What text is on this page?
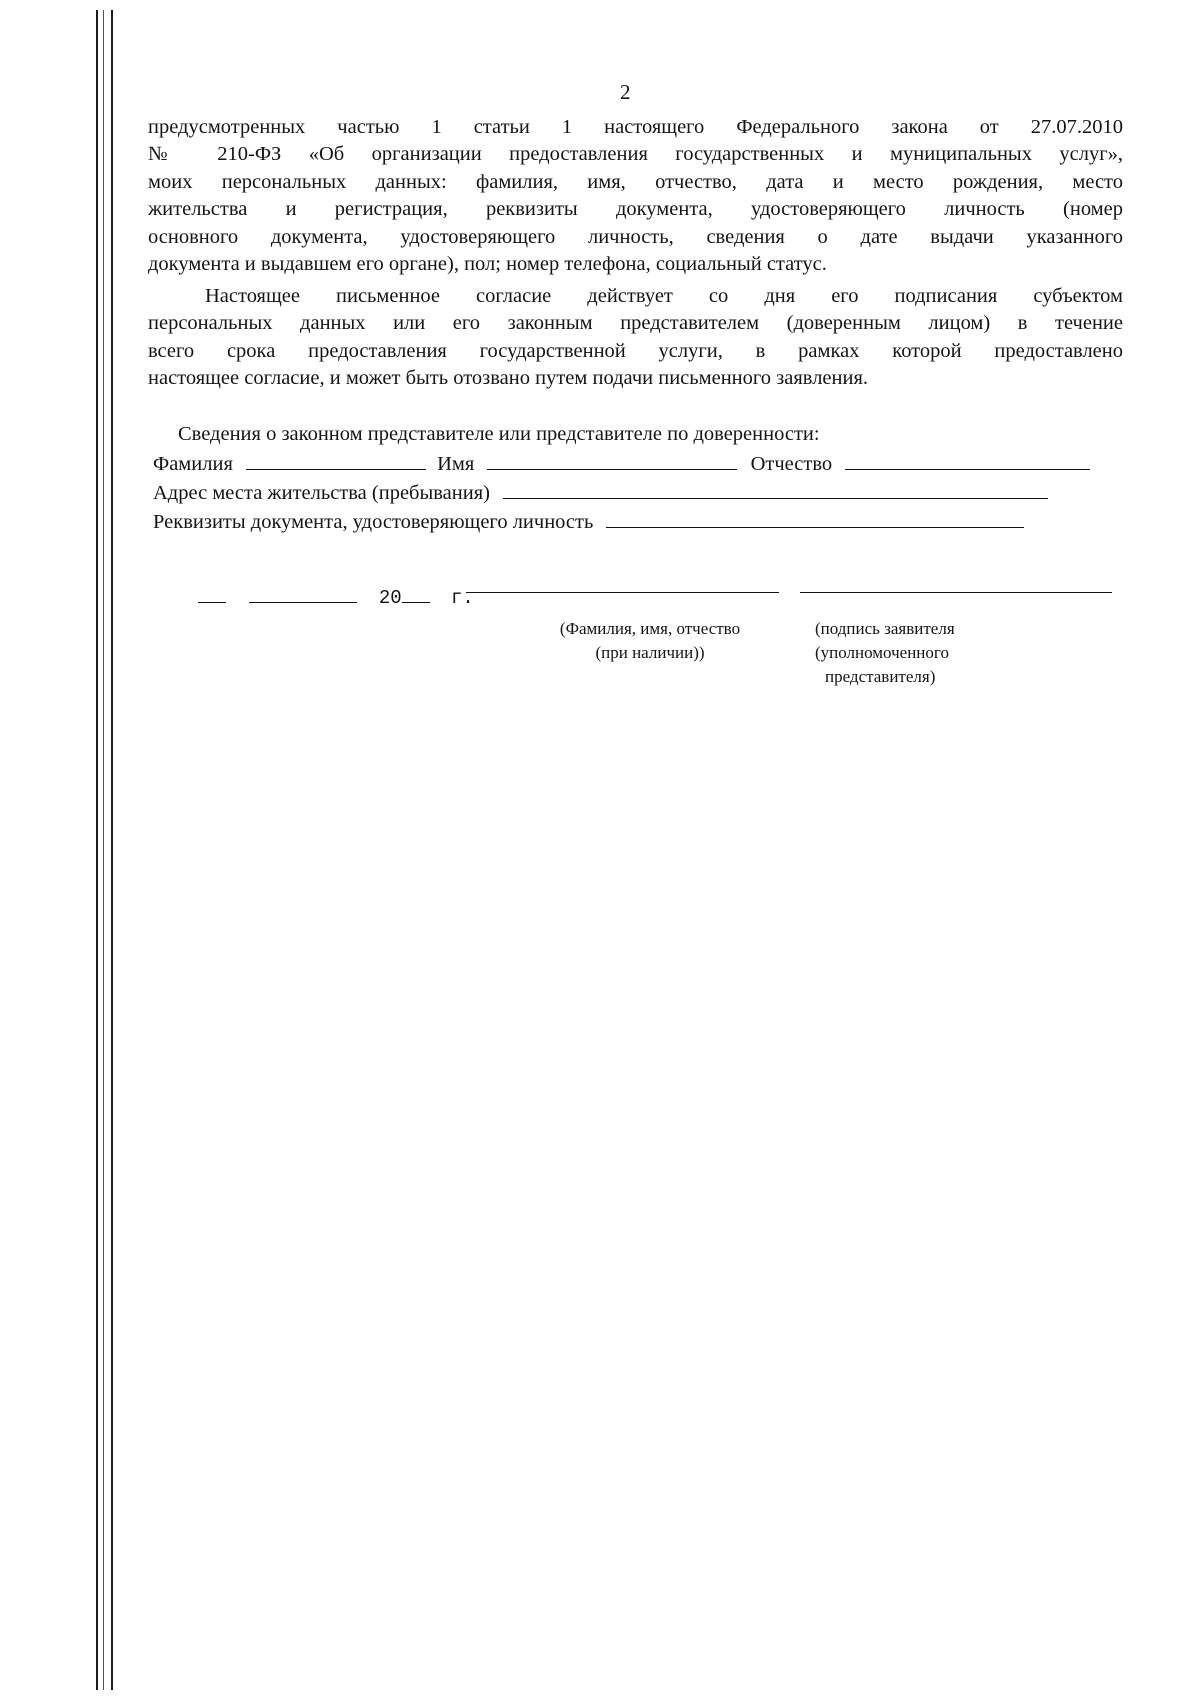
2
предусмотренных частью 1 статьи 1 настоящего Федерального закона от 27.07.2010
№ 210-ФЗ «Об организации предоставления государственных и муниципальных услуг»,
моих персональных данных: фамилия, имя, отчество, дата и место рождения, место
жительства и регистрация, реквизиты документа, удостоверяющего личность (номер
основного документа, удостоверяющего личность, сведения о дате выдачи указанного
документа и выдавшем его органе), пол; номер телефона, социальный статус.
Настоящее письменное согласие действует со дня его подписания субъектом
персональных данных или его законным представителем (доверенным лицом) в течение
всего срока предоставления государственной услуги, в рамках которой предоставлено
настоящее согласие, и может быть отозвано путем подачи письменного заявления.
Сведения о законном представителе или представителе по доверенности:
Фамилия	Имя	Отчество
Адрес места жительства (пребывания)
Реквизиты документа, удостоверяющего личность
20	г.
(Фамилия, имя, отчество
(при наличии))
(подпись заявителя
(уполномоченного
представителя)
